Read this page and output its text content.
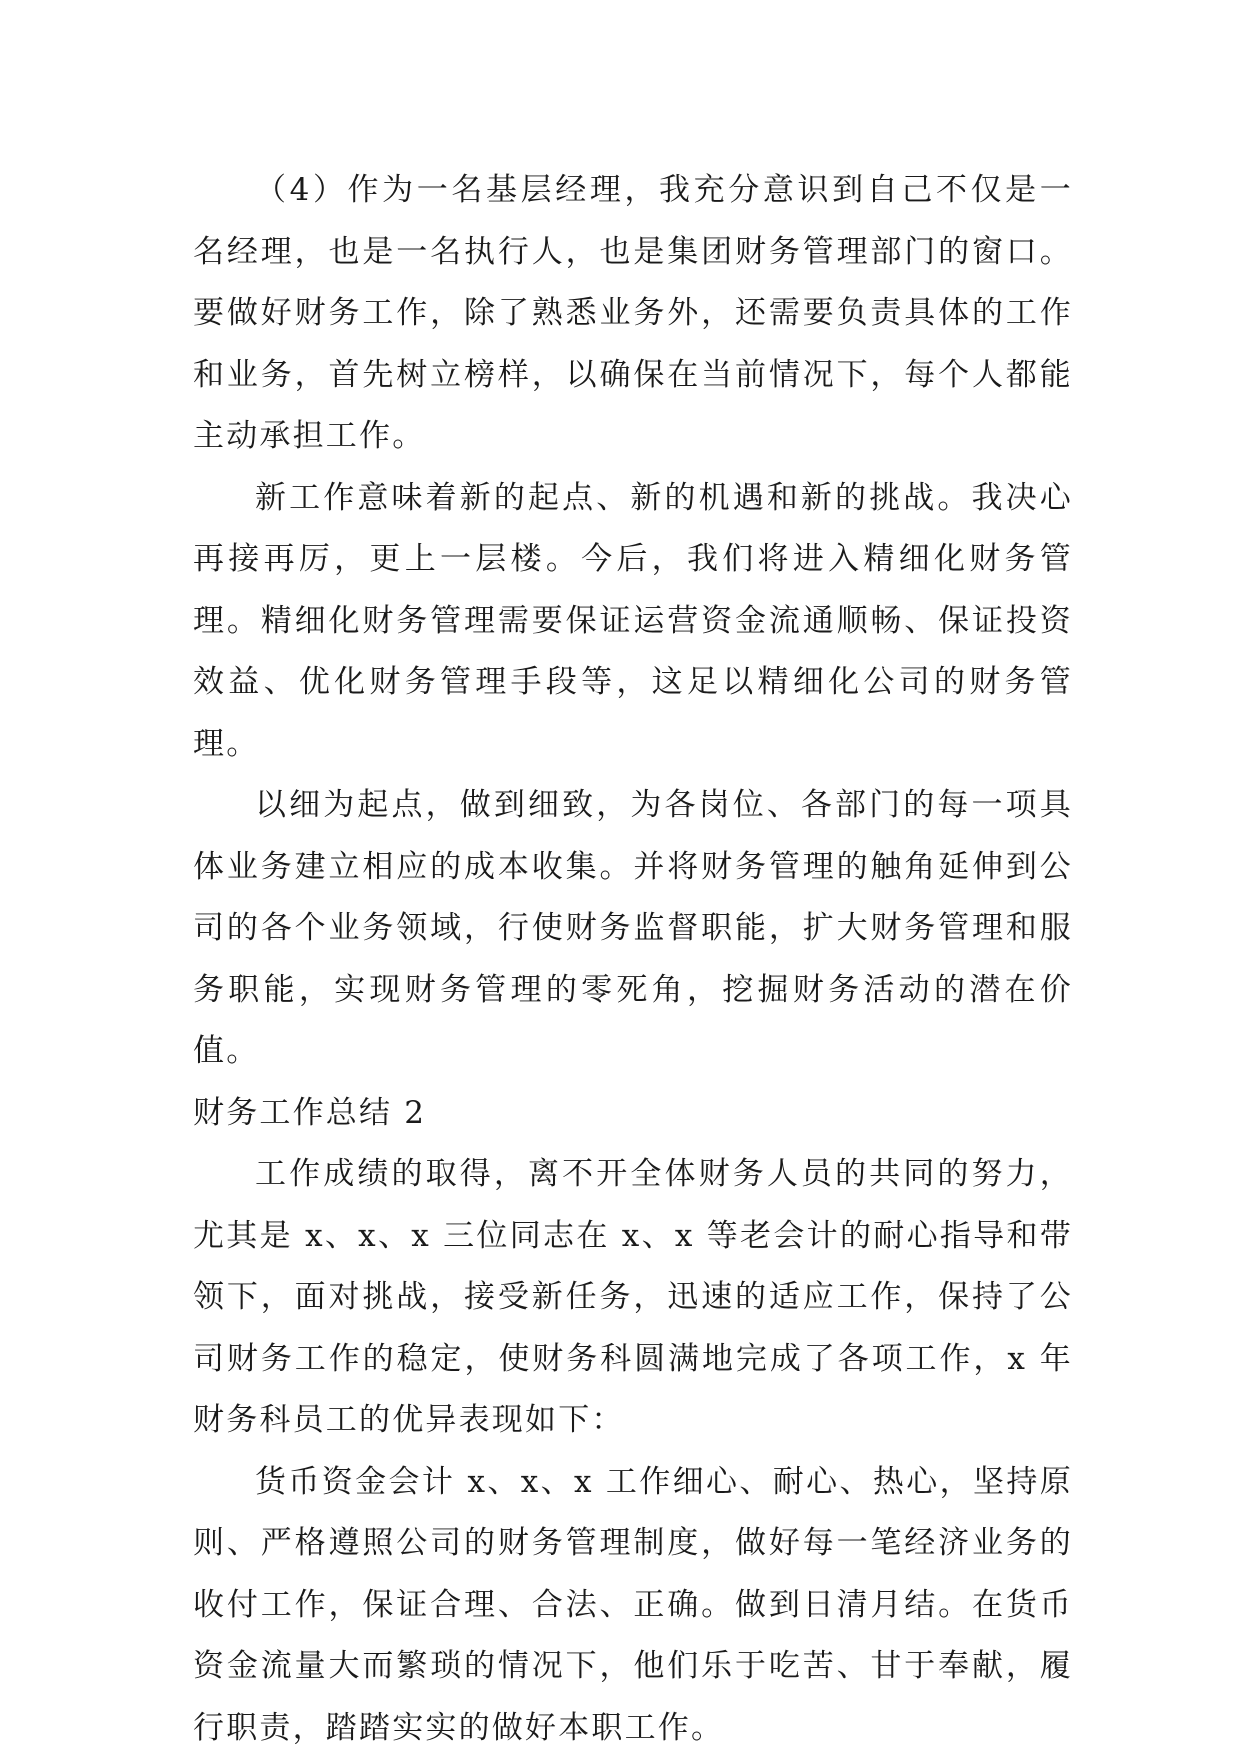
（4）作为一名基层经理，我充分意识到自己不仅是一名经理，也是一名执行人，也是集团财务管理部门的窗口。要做好财务工作，除了熟悉业务外，还需要负责具体的工作和业务，首先树立榜样，以确保在当前情况下，每个人都能主动承担工作。

新工作意味着新的起点、新的机遇和新的挑战。我决心再接再厉，更上一层楼。今后，我们将进入精细化财务管理。精细化财务管理需要保证运营资金流通顺畅、保证投资效益、优化财务管理手段等，这足以精细化公司的财务管理。

以细为起点，做到细致，为各岗位、各部门的每一项具体业务建立相应的成本收集。并将财务管理的触角延伸到公司的各个业务领域，行使财务监督职能，扩大财务管理和服务职能，实现财务管理的零死角，挖掘财务活动的潜在价值。

财务工作总结 2

工作成绩的取得，离不开全体财务人员的共同的努力，尤其是 x、x、x 三位同志在 x、x 等老会计的耐心指导和带领下，面对挑战，接受新任务，迅速的适应工作，保持了公司财务工作的稳定，使财务科圆满地完成了各项工作，x 年财务科员工的优异表现如下：

货币资金会计 x、x、x 工作细心、耐心、热心，坚持原则、严格遵照公司的财务管理制度，做好每一笔经济业务的收付工作，保证合理、合法、正确。做到日清月结。在货币资金流量大而繁琐的情况下，他们乐于吃苦、甘于奉献，履行职责，踏踏实实的做好本职工作。
